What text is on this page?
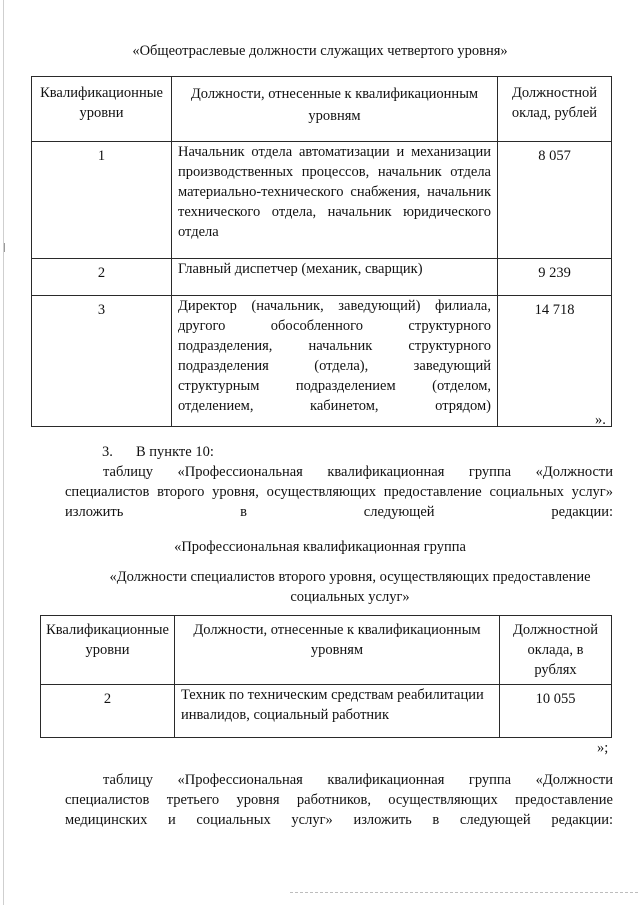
«Общеотраслевые должности служащих четвертого уровня»
Квалификационные уровни	Должности, отнесенные к квалификационным уровням	Должностной оклад, рублей
1	Начальник отдела автоматизации и механизации производственных процессов, начальник отдела материально-технического снабжения, начальник технического отдела, начальник юридического отдела	8 057
2	Главный диспетчер (механик, сварщик)	9 239
3	Директор (начальник, заведующий) филиала, другого обособленного структурного подразделения, начальник структурного подразделения (отдела), заведующий структурным подразделением (отделом, отделением, кабинетом, отрядом)	14 718
».
3. В пункте 10:
таблицу «Профессиональная квалификационная группа «Должности специалистов второго уровня, осуществляющих предоставление социальных услуг» изложить в следующей редакции:
«Профессиональная квалификационная группа
«Должности специалистов второго уровня, осуществляющих предоставление социальных услуг»
Квалификационные уровни	Должности, отнесенные к квалификационным уровням	Должностной оклада, в рублях
2	Техник по техническим средствам реабилитации инвалидов, социальный работник	10 055
»;
таблицу «Профессиональная квалификационная группа «Должности специалистов третьего уровня работников, осуществляющих предоставление медицинских и социальных услуг» изложить в следующей редакции:
